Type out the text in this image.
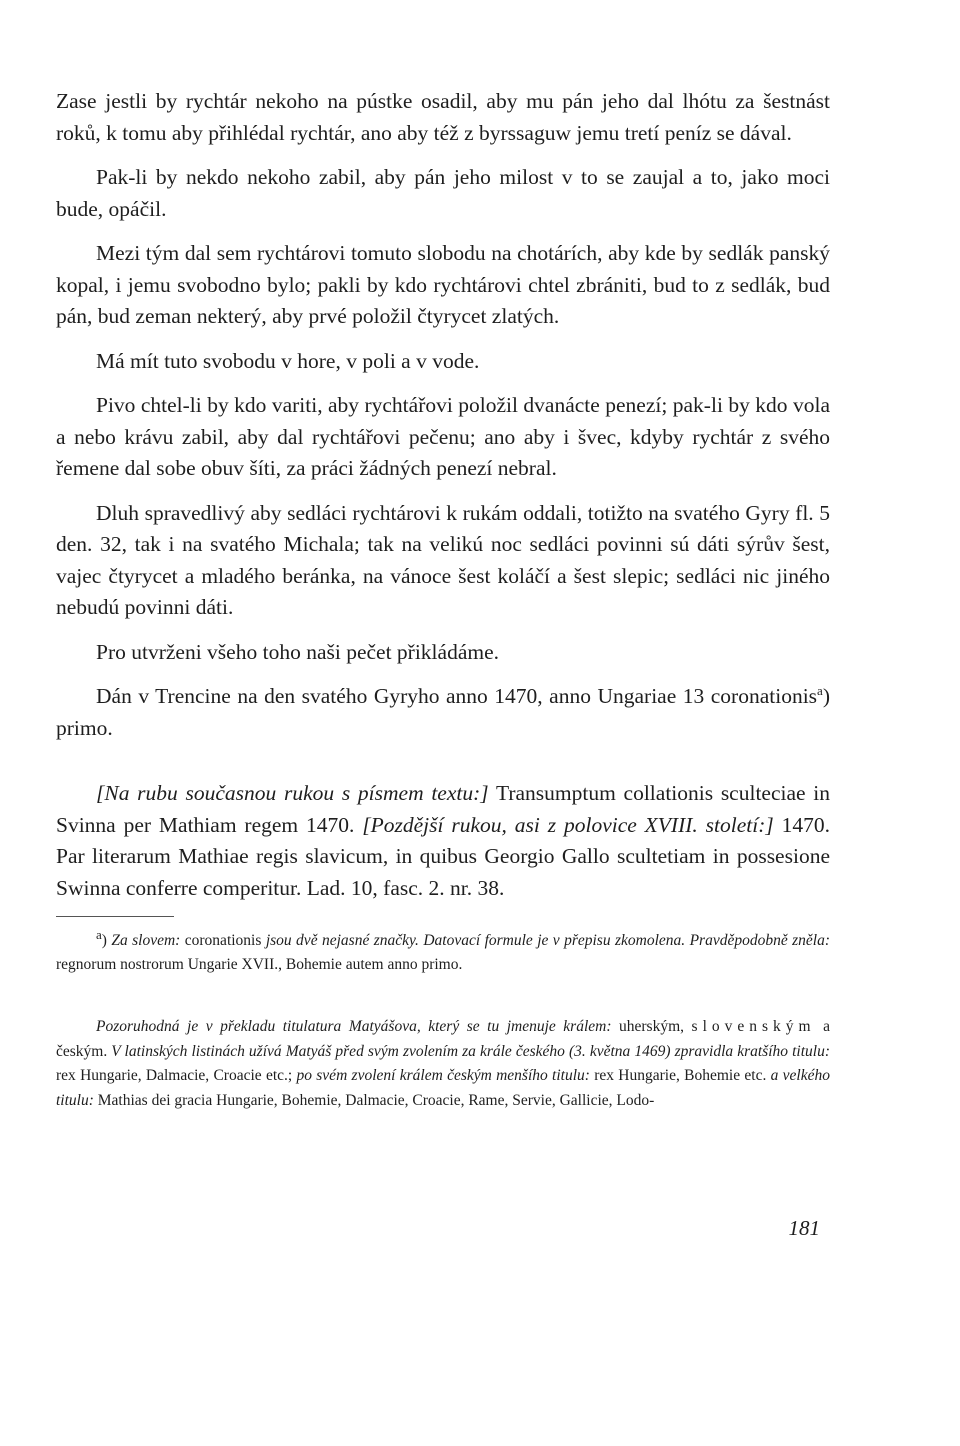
Zase jestli by rychtár nekoho na pústke osadil, aby mu pán jeho dal lhótu za šestnást roků, k tomu aby přihlédal rychtár, ano aby též z byrssaguw jemu tretí peníz se dával.

Pak-li by nekdo nekoho zabil, aby pán jeho milost v to se zaujal a to, jako moci bude, opáčil.

Mezi tým dal sem rychtárovi tomuto slobodu na chotárích, aby kde by sedlák panský kopal, i jemu svobodno bylo; pakli by kdo rychtárovi chtel zbrániti, bud to z sedlák, bud pán, bud zeman nekterý, aby prvé položil čtyrycet zlatých.

Má mít tuto svobodu v hore, v poli a v vode.

Pivo chtel-li by kdo variti, aby rychtářovi položil dvanácte penezí; pak-li by kdo vola a nebo krávu zabil, aby dal rychtářovi pečenu; ano aby i švec, kdyby rychtár z svého řemene dal sobe obuv šíti, za práci žádných penezí nebral.

Dluh spravedlivý aby sedláci rychtárovi k rukám oddali, totižto na svatého Gyry fl. 5 den. 32, tak i na svatého Michala; tak na velikú noc sedláci povinni sú dáti sýrův šest, vajec čtyrycet a mladého beránka, na vánoce šest koláčí a šest slepic; sedláci nic jiného nebudú povinni dáti.

Pro utvrženi všeho toho naši pečet přikládáme.

Dán v Trencine na den svatého Gyryho anno 1470, anno Ungariae 13 coronationis$^a$) primo.

[Na rubu současnou rukou s písmem textu:] Transumptum collationis sculteciae in Svinna per Mathiam regem 1470. [Pozdější rukou, asi z polovice XVIII. století:] 1470. Par literarum Mathiae regis slavicum, in quibus Georgio Gallo scultetiam in possesione Swinna conferre comperitur. Lad. 10, fasc. 2. nr. 38.

$^a$) Za slovem: coronationis jsou dvě nejasné značky. Datovací formule je v přepisu zkomolena. Pravděpodobně zněla: regnorum nostrorum Ungarie XVII., Bohemie autem anno primo.

Pozoruhodná je v překladu titulatura Matyášova, který se tu jmenuje králem: uherským, slovenským a českým. V latinských listinách užívá Matyáš před svým zvolením za krále českého (3. května 1469) zpravidla kratšího titulu: rex Hungarie, Dalmacie, Croacie etc.; po svém zvolení králem českým menšího titulu: rex Hungarie, Bohemie etc. a velkého titulu: Mathias dei gracia Hungarie, Bohemie, Dalmacie, Croacie, Rame, Servie, Gallicie, Lodo-
181
